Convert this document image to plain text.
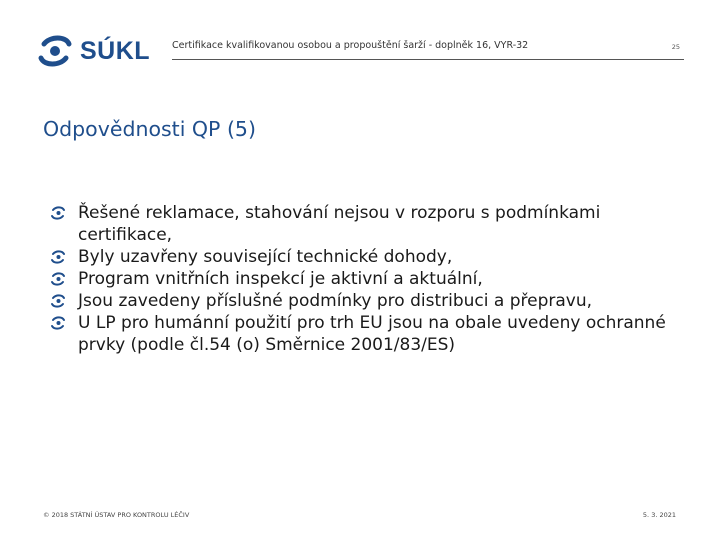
SÚKL Certifikace kvalifikovanou osobou a propouštění šarží - doplněk 16, VYR-32	25
Odpovědnosti QP (5)
Řešené reklamace, stahování nejsou v rozporu s podmínkami certifikace,
Byly uzavřeny související technické dohody,
Program vnitřních inspekcí je aktivní a aktuální,
Jsou zavedeny příslušné podmínky pro distribuci a přepravu,
U LP pro humánní použití pro trh EU jsou na obale uvedeny ochranné prvky (podle čl.54 (o) Směrnice 2001/83/ES)
© 2018 STÁTNÍ ÚSTAV PRO KONTROLU LÉČIV	5. 3. 2021
